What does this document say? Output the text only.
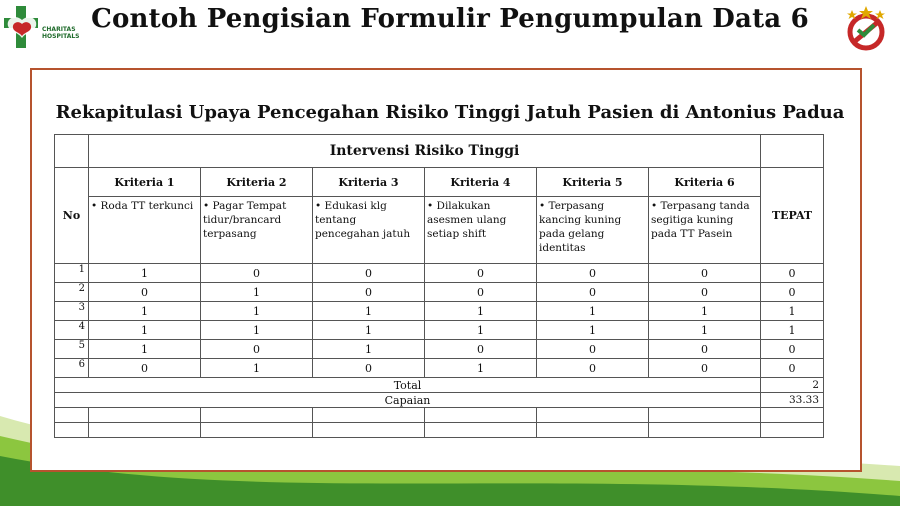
CHARITAS HOSPITALS
Contoh Pengisian Formulir Pengumpulan Data 6
Rekapitulasi Upaya Pencegahan Risiko Tinggi Jatuh Pasien di Antonius Padua
	Intervensi Risiko Tinggi						
No	Kriteria 1	Kriteria 2	Kriteria 3	Kriteria 4	Kriteria 5	Kriteria 6	TEPAT
	• Roda TT terkunci	• Pagar Tempat tidur/brancard terpasang	• Edukasi klg tentang pencegahan jatuh	• Dilakukan asesmen ulang setiap shift	• Terpasang kancing kuning pada gelang identitas	• Terpasang tanda segitiga kuning pada TT Pasein	
1	1	0	0	0	0	0	0
2	0	1	0	0	0	0	0
3	1	1	1	1	1	1	1
4	1	1	1	1	1	1	1
5	1	0	1	0	0	0	0
6	0	1	0	1	0	0	0
Total							2
Capaian							33.33
